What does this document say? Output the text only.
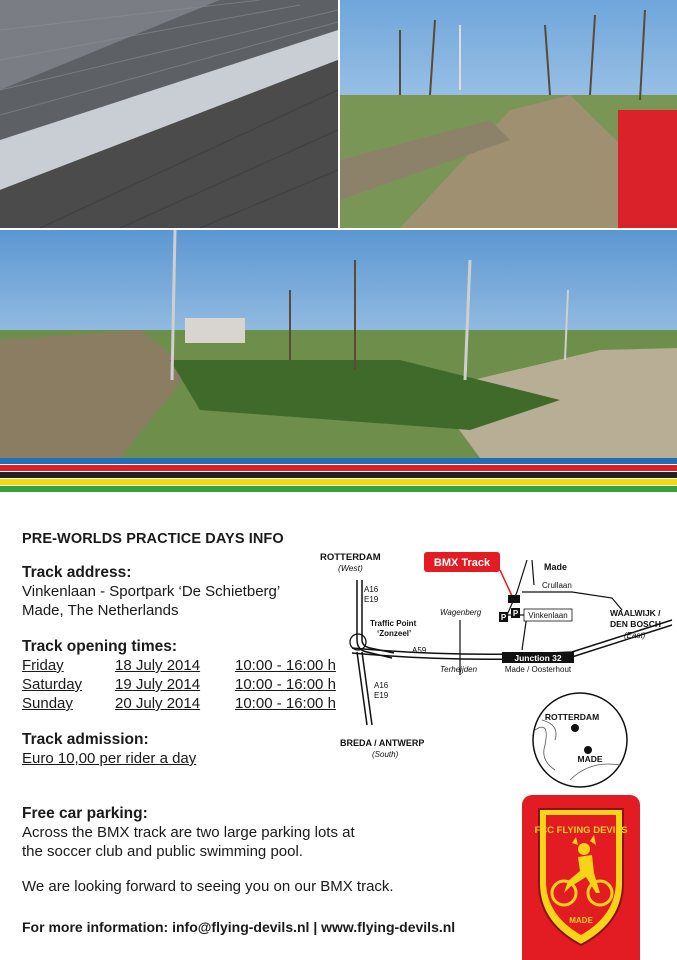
PRE-WORLDS PRACTICE DAYS INFO
Track address:
Vinkenlaan - Sportpark ‘De Schietberg’
Made, The Netherlands
Track opening times:
Friday	18 July 2014	10:00 - 16:00 h
Saturday	19 July 2014	10:00 - 16:00 h
Sunday	20 July 2014	10:00 - 16:00 h
Track admission:
Euro 10,00 per rider a day
Free car parking:
Across the BMX track are two large parking lots at
the soccer club and public swimming pool.
We are looking forward to seeing you on our BMX track.
For more information: info@flying-devils.nl | www.flying-devils.nl
BMX Track
P P
ROTTERDAM
(West)
A16
E19
Traffic Point
‘Zonzeel’
Wagenberg
Made
Crullaan
Vinkenlaan	WAALWIJK /
DEN BOSCH
(East)
A59
Terheijden
Junction 32
Made / Oosterhout
A16
E19
BREDA / ANTWERP
(South)
ROTTERDAM
MADE
FCC FLYING DEVILS
MADE
